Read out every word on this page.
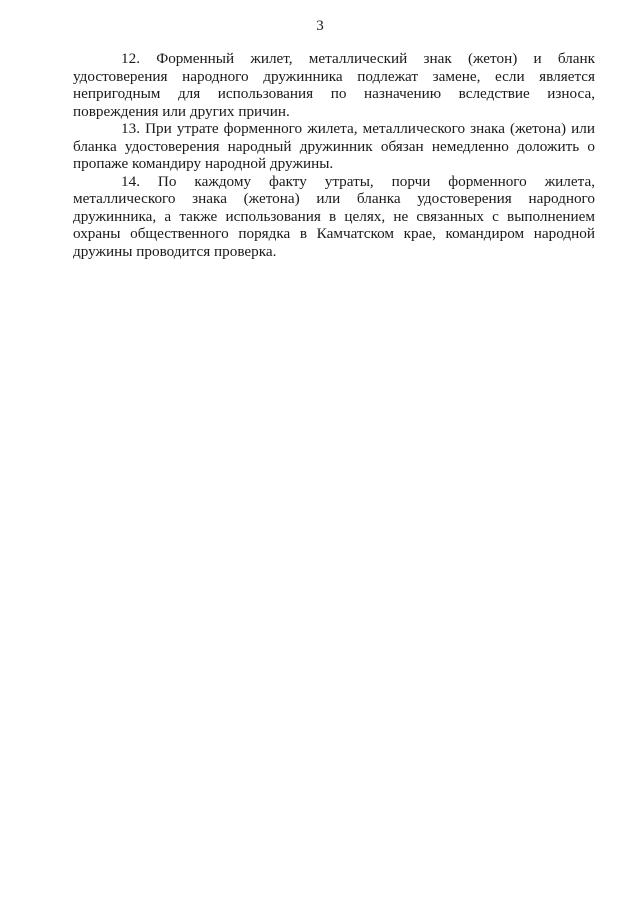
3

12. Форменный жилет, металлический знак (жетон) и бланк удостоверения народного дружинника подлежат замене, если является непригодным для использования по назначению вследствие износа, повреждения или других причин.

13. При утрате форменного жилета, металлического знака (жетона) или бланка удостоверения народный дружинник обязан немедленно доложить о пропаже командиру народной дружины.

14. По каждому факту утраты, порчи форменного жилета, металлического знака (жетона) или бланка удостоверения народного дружинника, а также использования в целях, не связанных с выполнением охраны общественного порядка в Камчатском крае, командиром народной дружины проводится проверка.
